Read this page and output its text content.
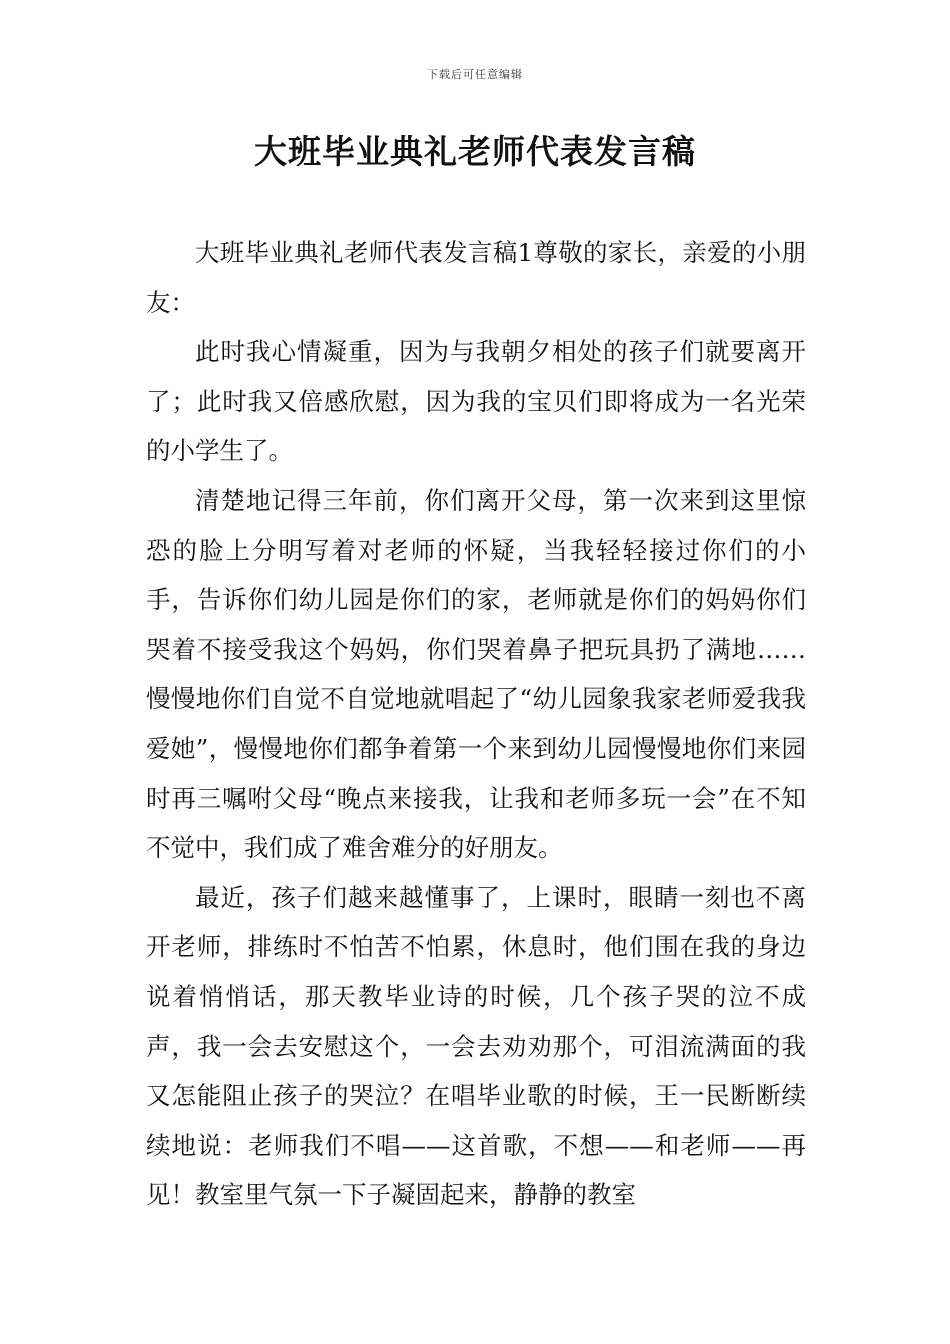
下载后可任意编辑
大班毕业典礼老师代表发言稿

大班毕业典礼老师代表发言稿1尊敬的家长，亲爱的小朋友：

此时我心情凝重，因为与我朝夕相处的孩子们就要离开了；此时我又倍感欣慰，因为我的宝贝们即将成为一名光荣的小学生了。

清楚地记得三年前，你们离开父母，第一次来到这里惊恐的脸上分明写着对老师的怀疑，当我轻轻接过你们的小手，告诉你们幼儿园是你们的家，老师就是你们的妈妈你们哭着不接受我这个妈妈，你们哭着鼻子把玩具扔了满地……慢慢地你们自觉不自觉地就唱起了“幼儿园象我家老师爱我我爱她”，慢慢地你们都争着第一个来到幼儿园慢慢地你们来园时再三嘱咐父母“晚点来接我，让我和老师多玩一会”在不知不觉中，我们成了难舍难分的好朋友。

最近，孩子们越来越懂事了，上课时，眼睛一刻也不离开老师，排练时不怕苦不怕累，休息时，他们围在我的身边说着悄悄话，那天教毕业诗的时候，几个孩子哭的泣不成声，我一会去安慰这个，一会去劝劝那个，可泪流满面的我又怎能阻止孩子的哭泣？在唱毕业歌的时候，王一民断断续续地说：老师我们不唱——这首歌，不想——和老师——再见！教室里气氛一下子凝固起来，静静的教室
